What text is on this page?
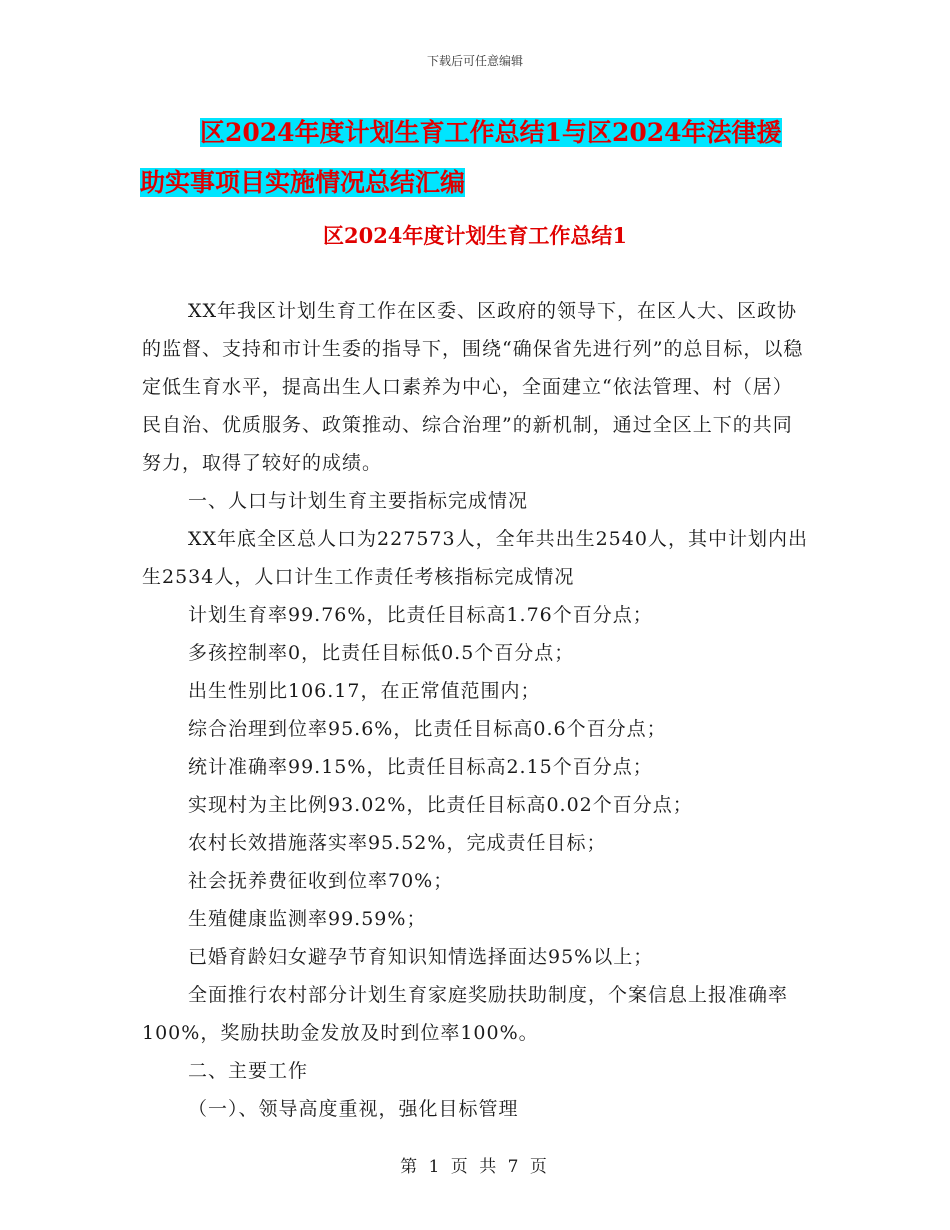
下载后可任意编辑
区2024年度计划生育工作总结1与区2024年法律援
助实事项目实施情况总结汇编
区2024年度计划生育工作总结1

XX年我区计划生育工作在区委、区政府的领导下，在区人大、区政协的监督、支持和市计生委的指导下，围绕“确保省先进行列”的总目标，以稳定低生育水平，提高出生人口素养为中心，全面建立“依法管理、村（居）民自治、优质服务、政策推动、综合治理”的新机制，通过全区上下的共同努力，取得了较好的成绩。

一、人口与计划生育主要指标完成情况

XX年底全区总人口为227573人，全年共出生2540人，其中计划内出生2534人，人口计生工作责任考核指标完成情况

计划生育率99.76%，比责任目标高1.76个百分点；

多孩控制率0，比责任目标低0.5个百分点；

出生性别比106.17，在正常值范围内；

综合治理到位率95.6%，比责任目标高0.6个百分点；

统计准确率99.15%，比责任目标高2.15个百分点；

实现村为主比例93.02%，比责任目标高0.02个百分点；

农村长效措施落实率95.52%，完成责任目标；

社会抚养费征收到位率70%；

生殖健康监测率99.59%；

已婚育龄妇女避孕节育知识知情选择面达95%以上；

全面推行农村部分计划生育家庭奖励扶助制度，个案信息上报准确率100%，奖励扶助金发放及时到位率100%。

二、主要工作

（一）、领导高度重视，强化目标管理

第 1 页 共 7 页
